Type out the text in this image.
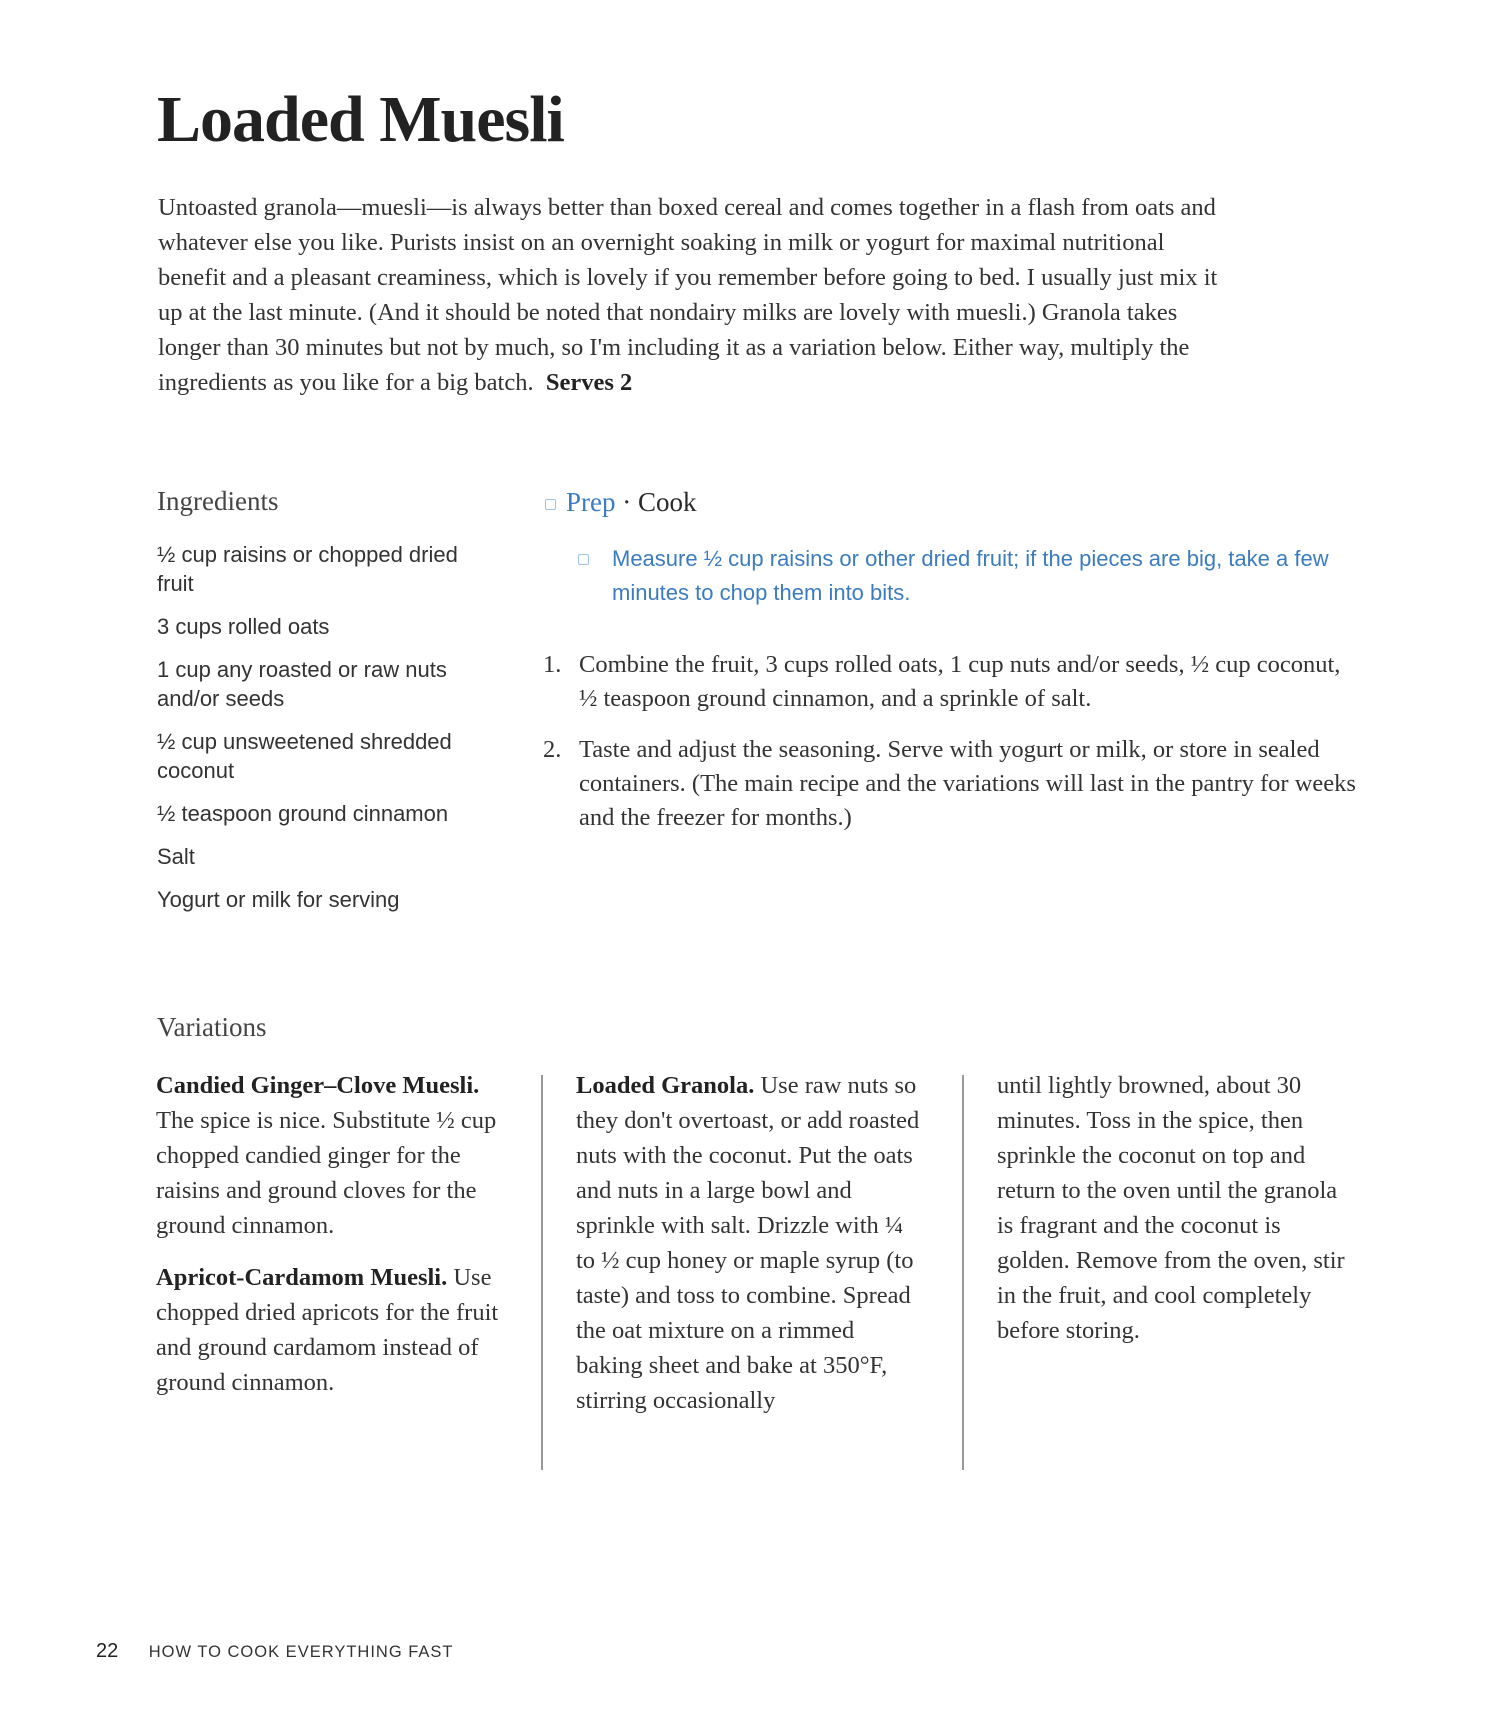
Loaded Muesli
Untoasted granola—muesli—is always better than boxed cereal and comes together in a flash from oats and whatever else you like. Purists insist on an overnight soaking in milk or yogurt for maximal nutritional benefit and a pleasant creaminess, which is lovely if you remember before going to bed. I usually just mix it up at the last minute. (And it should be noted that nondairy milks are lovely with muesli.) Granola takes longer than 30 minutes but not by much, so I'm including it as a variation below. Either way, multiply the ingredients as you like for a big batch. Serves 2
Ingredients
½ cup raisins or chopped dried fruit
3 cups rolled oats
1 cup any roasted or raw nuts and/or seeds
½ cup unsweetened shredded coconut
½ teaspoon ground cinnamon
Salt
Yogurt or milk for serving
Prep · Cook
Measure ½ cup raisins or other dried fruit; if the pieces are big, take a few minutes to chop them into bits.
1. Combine the fruit, 3 cups rolled oats, 1 cup nuts and/or seeds, ½ cup coconut, ½ teaspoon ground cinnamon, and a sprinkle of salt.
2. Taste and adjust the seasoning. Serve with yogurt or milk, or store in sealed containers. (The main recipe and the variations will last in the pantry for weeks and the freezer for months.)
Variations

Candied Ginger–Clove Muesli. The spice is nice. Substitute ½ cup chopped candied ginger for the raisins and ground cloves for the ground cinnamon.

Apricot-Cardamom Muesli. Use chopped dried apricots for the fruit and ground cardamom instead of ground cinnamon.

Loaded Granola. Use raw nuts so they don't overtoast, or add roasted nuts with the coconut. Put the oats and nuts in a large bowl and sprinkle with salt. Drizzle with ¼ to ½ cup honey or maple syrup (to taste) and toss to combine. Spread the oat mixture on a rimmed baking sheet and bake at 350°F, stirring occasionally

until lightly browned, about 30 minutes. Toss in the spice, then sprinkle the coconut on top and return to the oven until the granola is fragrant and the coconut is golden. Remove from the oven, stir in the fruit, and cool completely before storing.

22 HOW TO COOK EVERYTHING FAST
